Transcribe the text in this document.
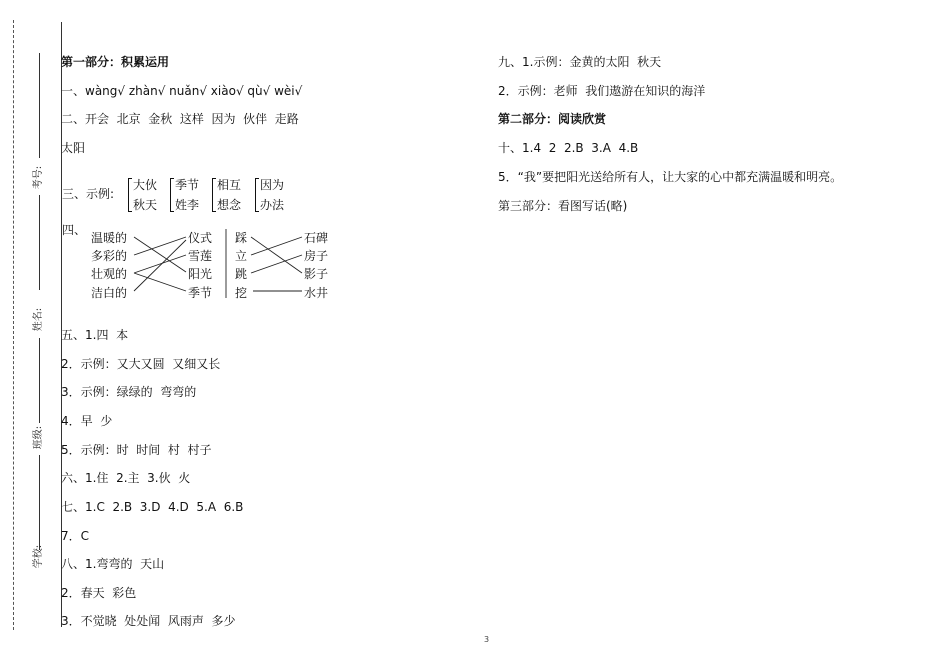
考号:
姓名:
班级:
学校:
第一部分：积累运用
一、wàng√ zhàn√ nuǎn√ xiào√ qù√ wèi√
二、开会  北京  金秋  这样  因为  伙伴  走路
太阳
三、示例:
大伙
秋天
季节
姓李
相互
想念
因为
办法
四、
温暖的
多彩的
壮观的
洁白的
仪式
雪莲
阳光
季节
踩
立
跳
挖
石碑
房子
影子
水井
五、1.四  本
2．示例：又大又圆  又细又长
3．示例：绿绿的  弯弯的
4．早  少
5．示例：时  时间  村  村子
六、1.住  2.主  3.伙  火
七、1.C  2.B  3.D  4.D  5.A  6.B
7．C
八、1.弯弯的  天山
2．春天  彩色
3．不觉晓  处处闻  风雨声  多少
九、1.示例：金黄的太阳  秋天
2．示例：老师  我们遨游在知识的海洋
第二部分：阅读欣赏
十、1.4  2  2.B  3.A  4.B
5．“我”要把阳光送给所有人，让大家的心中都充满温暖和明亮。
第三部分：看图写话(略)
3
